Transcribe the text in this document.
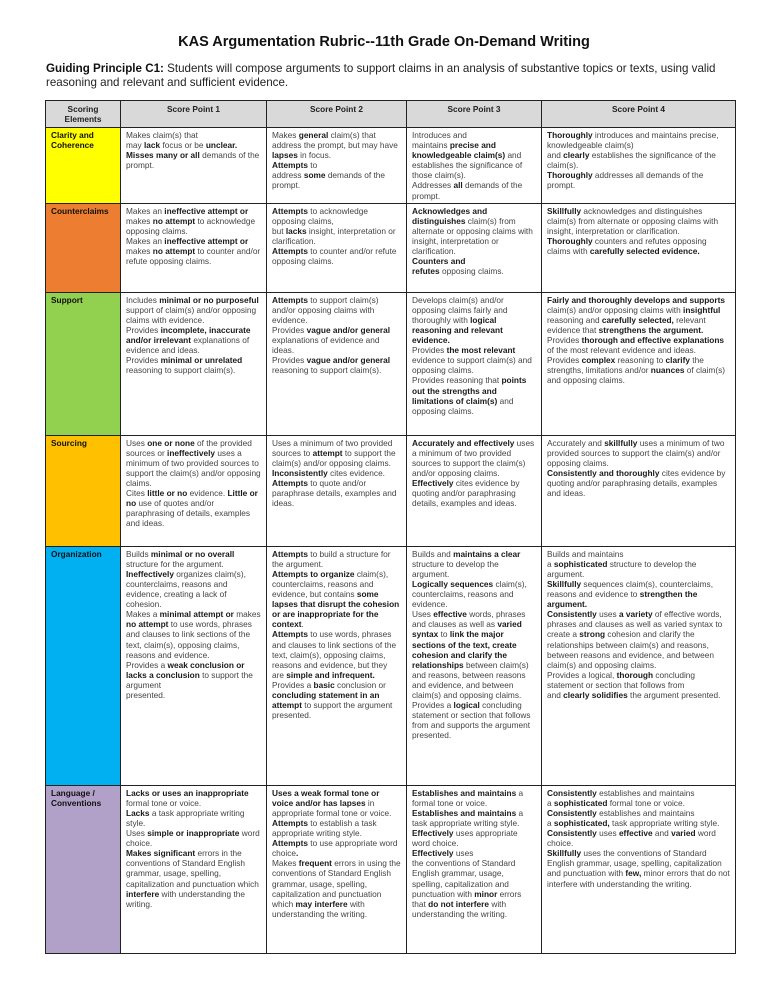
KAS Argumentation Rubric--11th Grade On-Demand Writing
Guiding Principle C1: Students will compose arguments to support claims in an analysis of substantive topics or texts, using valid reasoning and relevant and sufficient evidence.
Scoring Elements	Score Point 1	Score Point 2	Score Point 3	Score Point 4
Clarity and Coherence	Makes claim(s) that
may lack focus or be unclear.
Misses many or all demands of the prompt.	Makes general claim(s) that address the prompt, but may have lapses in focus.
Attempts to
address some demands of the prompt.	Introduces and
maintains precise and knowledgeable claim(s) and establishes the significance of those claim(s).
Addresses all demands of the prompt.	Thoroughly introduces and maintains precise, knowledgeable claim(s)
and clearly establishes the significance of the claim(s).
Thoroughly addresses all demands of the prompt.
Counterclaims	Makes an ineffective attempt or makes no attempt to acknowledge opposing claims.
Makes an ineffective attempt or makes no attempt to counter and/or refute opposing claims.	Attempts to acknowledge opposing claims,
but lacks insight, interpretation or clarification.
Attempts to counter and/or refute opposing claims.	Acknowledges and distinguishes claim(s) from alternate or opposing claims with insight, interpretation or clarification.
Counters and
refutes opposing claims.	Skillfully acknowledges and distinguishes claim(s) from alternate or opposing claims with insight, interpretation or clarification.
Thoroughly counters and refutes opposing claims with carefully selected evidence.
Support	Includes minimal or no purposeful support of claim(s) and/or opposing claims with evidence.
Provides incomplete, inaccurate and/or irrelevant explanations of evidence and ideas.
Provides minimal or unrelated reasoning to support claim(s).	Attempts to support claim(s) and/or opposing claims with evidence.
Provides vague and/or general explanations of evidence and ideas.
Provides vague and/or general reasoning to support claim(s).	Develops claim(s) and/or opposing claims fairly and thoroughly with logical reasoning and relevant evidence.
Provides the most relevant evidence to support claim(s) and opposing claims.
Provides reasoning that points out the strengths and limitations of claim(s) and opposing claims.	Fairly and thoroughly develops and supports claim(s) and/or opposing claims with insightful reasoning and carefully selected, relevant evidence that strengthens the argument.
Provides thorough and effective explanations of the most relevant evidence and ideas.
Provides complex reasoning to clarify the strengths, limitations and/or nuances of claim(s) and opposing claims.
Sourcing	Uses one or none of the provided sources or ineffectively uses a minimum of two provided sources to support the claim(s) and/or opposing claims.
Cites little or no evidence. Little or no use of quotes and/or paraphrasing of details, examples and ideas.	Uses a minimum of two provided sources to attempt to support the claim(s) and/or opposing claims.
Inconsistently cites evidence. Attempts to quote and/or paraphrase details, examples and ideas.	Accurately and effectively uses a minimum of two provided sources to support the claim(s) and/or opposing claims.
Effectively cites evidence by quoting and/or paraphrasing details, examples and ideas.	Accurately and skillfully uses a minimum of two provided sources to support the claim(s) and/or opposing claims.
Consistently and thoroughly cites evidence by quoting and/or paraphrasing details, examples and ideas.
Organization	Builds minimal or no overall structure for the argument.
Ineffectively organizes claim(s), counterclaims, reasons and evidence, creating a lack of cohesion.
Makes a minimal attempt or makes no attempt to use words, phrases and clauses to link sections of the text, claim(s), opposing claims, reasons and evidence.
Provides a weak conclusion or lacks a conclusion to support the argument
presented.	Attempts to build a structure for the argument.
Attempts to organize claim(s), counterclaims, reasons and evidence, but contains some lapses that disrupt the cohesion or are inappropriate for the context.
Attempts to use words, phrases and clauses to link sections of the text, claim(s), opposing claims, reasons and evidence, but they are simple and infrequent.
Provides a basic conclusion or concluding statement in an attempt to support the argument presented.	Builds and maintains a clear structure to develop the argument.
Logically sequences claim(s), counterclaims, reasons and evidence.
Uses effective words, phrases and clauses as well as varied syntax to link the major sections of the text, create cohesion and clarify the relationships between claim(s) and reasons, between reasons and evidence, and between claim(s) and opposing claims.
Provides a logical concluding statement or section that follows from and supports the argument presented.	Builds and maintains
a sophisticated structure to develop the argument.
Skillfully sequences claim(s), counterclaims, reasons and evidence to strengthen the argument.
Consistently uses a variety of effective words, phrases and clauses as well as varied syntax to create a strong cohesion and clarify the relationships between claim(s) and reasons, between reasons and evidence, and between claim(s) and opposing claims.
Provides a logical, thorough concluding statement or section that follows from
and clearly solidifies the argument presented.
Language / Conventions	Lacks or uses an inappropriate formal tone or voice.
Lacks a task appropriate writing style.
Uses simple or inappropriate word choice.
Makes significant errors in the conventions of Standard English grammar, usage, spelling, capitalization and punctuation which interfere with understanding the writing.	Uses a weak formal tone or voice and/or has lapses in appropriate formal tone or voice.
Attempts to establish a task appropriate writing style.
Attempts to use appropriate word choice.
Makes frequent errors in using the conventions of Standard English grammar, usage, spelling, capitalization and punctuation which may interfere with understanding the writing.	Establishes and maintains a formal tone or voice.
Establishes and maintains a task appropriate writing style.
Effectively uses appropriate word choice.
Effectively uses
the conventions of Standard English grammar, usage, spelling, capitalization and punctuation with minor errors that do not interfere with understanding the writing.	Consistently establishes and maintains
a sophisticated formal tone or voice.
Consistently establishes and maintains
a sophisticated, task appropriate writing style.
Consistently uses effective and varied word choice.
Skillfully uses the conventions of Standard English grammar, usage, spelling, capitalization and punctuation with few, minor errors that do not interfere with understanding the writing.
